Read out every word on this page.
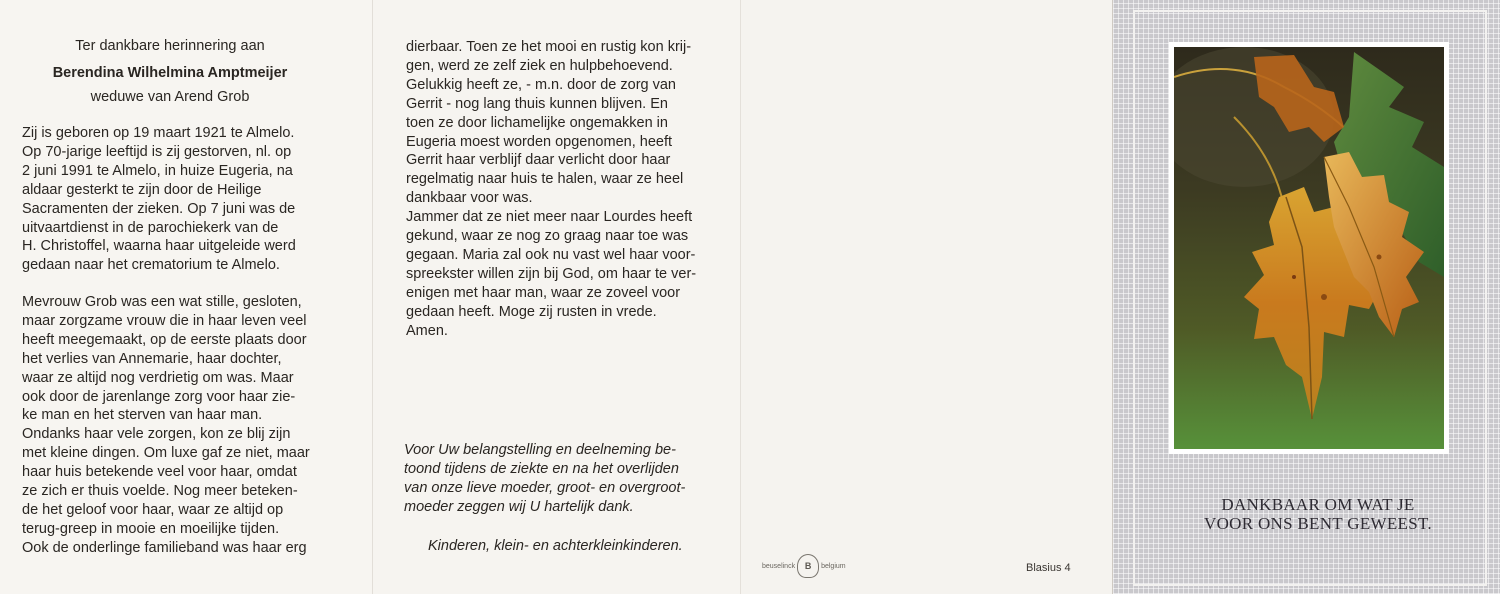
Ter dankbare herinnering aan
Berendina Wilhelmina Amptmeijer
weduwe van Arend Grob
Zij is geboren op 19 maart 1921 te Almelo.
Op 70-jarige leeftijd is zij gestorven, nl. op
2 juni 1991 te Almelo, in huize Eugeria, na
aldaar gesterkt te zijn door de Heilige
Sacramenten der zieken. Op 7 juni was de
uitvaartdienst in de parochiekerk van de
H. Christoffel, waarna haar uitgeleide werd
gedaan naar het crematorium te Almelo.
Mevrouw Grob was een wat stille, gesloten,
maar zorgzame vrouw die in haar leven veel
heeft meegemaakt, op de eerste plaats door
het verlies van Annemarie, haar dochter,
waar ze altijd nog verdrietig om was. Maar
ook door de jarenlange zorg voor haar zie-
ke man en het sterven van haar man.
Ondanks haar vele zorgen, kon ze blij zijn
met kleine dingen. Om luxe gaf ze niet, maar
haar huis betekende veel voor haar, omdat
ze zich er thuis voelde. Nog meer beteken-
de het geloof voor haar, waar ze altijd op
terug-greep in mooie en moeilijke tijden.
Ook de onderlinge familieband was haar erg
dierbaar. Toen ze het mooi en rustig kon krij-
gen, werd ze zelf ziek en hulpbehoevend.
Gelukkig heeft ze, - m.n. door de zorg van
Gerrit - nog lang thuis kunnen blijven. En
toen ze door lichamelijke ongemakken in
Eugeria moest worden opgenomen, heeft
Gerrit haar verblijf daar verlicht door haar
regelmatig naar huis te halen, waar ze heel
dankbaar voor was.
Jammer dat ze niet meer naar Lourdes heeft
gekund, waar ze nog zo graag naar toe was
gegaan. Maria zal ook nu vast wel haar voor-
spreekster willen zijn bij God, om haar te ver-
enigen met haar man, waar ze zoveel voor
gedaan heeft. Moge zij rusten in vrede.
Amen.
Voor Uw belangstelling en deelneming be-
toond tijdens de ziekte en na het overlijden
van onze lieve moeder, groot- en overgroot-
moeder zeggen wij U hartelijk dank.
Kinderen, klein- en achterkleinkinderen.
beuselinck	B	belgium	Blasius 4
DANKBAAR OM WAT JE
VOOR ONS BENT GEWEEST.
